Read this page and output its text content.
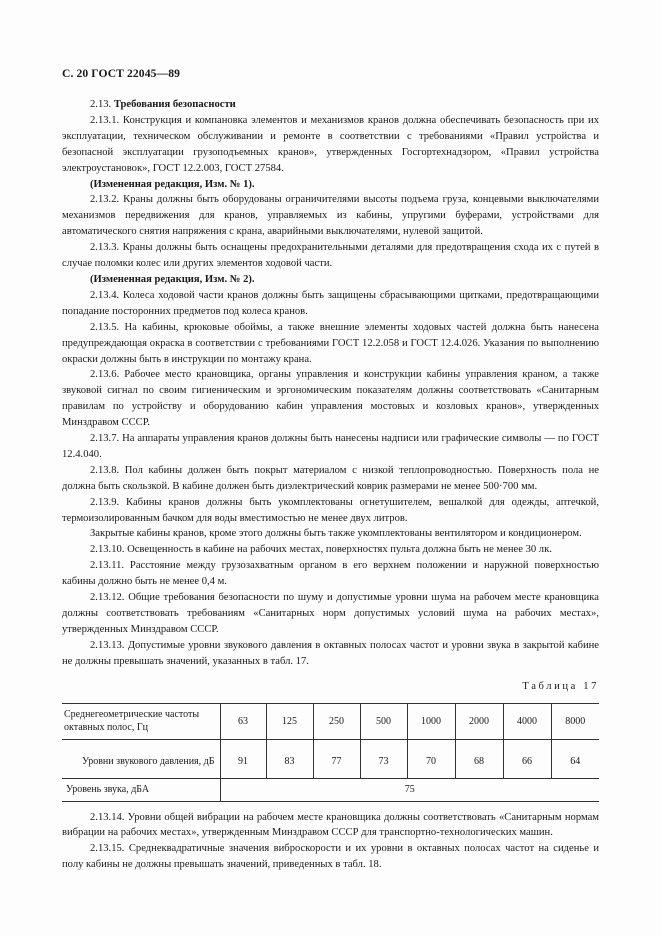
С. 20 ГОСТ 22045—89

2.13. Требования безопасности

2.13.1. Конструкция и компановка элементов и механизмов кранов должна обеспечивать безопасность при их эксплуатации, техническом обслуживании и ремонте в соответствии с требованиями «Правил устройства и безопасной эксплуатации грузоподъемных кранов», утвержденных Госгортехнадзором, «Правил устройства электроустановок», ГОСТ 12.2.003, ГОСТ 27584.

(Измененная редакция, Изм. № 1).

2.13.2. Краны должны быть оборудованы ограничителями высоты подъема груза, концевыми выключателями механизмов передвижения для кранов, управляемых из кабины, упругими буферами, устройствами для автоматического снятия напряжения с крана, аварийными выключателями, нулевой защитой.

2.13.3. Краны должны быть оснащены предохранительными деталями для предотвращения схода их с путей в случае поломки колес или других элементов ходовой части.

(Измененная редакция, Изм. № 2).

2.13.4. Колеса ходовой части кранов должны быть защищены сбрасывающими щитками, предотвращающими попадание посторонних предметов под колеса кранов.

2.13.5. На кабины, крюковые обоймы, а также внешние элементы ходовых частей должна быть нанесена предупреждающая окраска в соответствии с требованиями ГОСТ 12.2.058 и ГОСТ 12.4.026. Указания по выполнению окраски должны быть в инструкции по монтажу крана.

2.13.6. Рабочее место крановщика, органы управления и конструкции кабины управления краном, а также звуковой сигнал по своим гигиеническим и эргономическим показателям должны соответствовать «Санитарным правилам по устройству и оборудованию кабин управления мостовых и козловых кранов», утвержденных Минздравом СССР.

2.13.7. На аппараты управления кранов должны быть нанесены надписи или графические символы — по ГОСТ 12.4.040.

2.13.8. Пол кабины должен быть покрыт материалом с низкой теплопроводностью. Поверхность пола не должна быть скользкой. В кабине должен быть диэлектрический коврик размерами не менее 500·700 мм.

2.13.9. Кабины кранов должны быть укомплектованы огнетушителем, вешалкой для одежды, аптечкой, термоизолированным бачком для воды вместимостью не менее двух литров.

Закрытые кабины кранов, кроме этого должны быть также укомплектованы вентилятором и кондиционером.

2.13.10. Освещенность в кабине на рабочих местах, поверхностях пульта должна быть не менее 30 лк.

2.13.11. Расстояние между грузозахватным органом в его верхнем положении и наружной поверхностью кабины должно быть не менее 0,4 м.

2.13.12. Общие требования безопасности по шуму и допустимые уровни шума на рабочем месте крановщика должны соответствовать требованиям «Санитарных норм допустимых условий шума на рабочих местах», утвержденных Минздравом СССР.

2.13.13. Допустимые уровни звукового давления в октавных полосах частот и уровни звука в закрытой кабине не должны превышать значений, указанных в табл. 17.

Таблица 17
Среднегеометрические частоты октавных полос, Гц	63	125	250	500	1000	2000	4000	8000
Уровни звукового давления, дБ	91	83	77	73	70	68	66	64
Уровень звука, дБА	75							

2.13.14. Уровни общей вибрации на рабочем месте крановщика должны соответствовать «Санитарным нормам вибрации на рабочих местах», утвержденным Минздравом СССР для транспортно-технологических машин.

2.13.15. Среднеквадратичные значения виброскорости и их уровни в октавных полосах частот на сиденье и полу кабины не должны превышать значений, приведенных в табл. 18.
